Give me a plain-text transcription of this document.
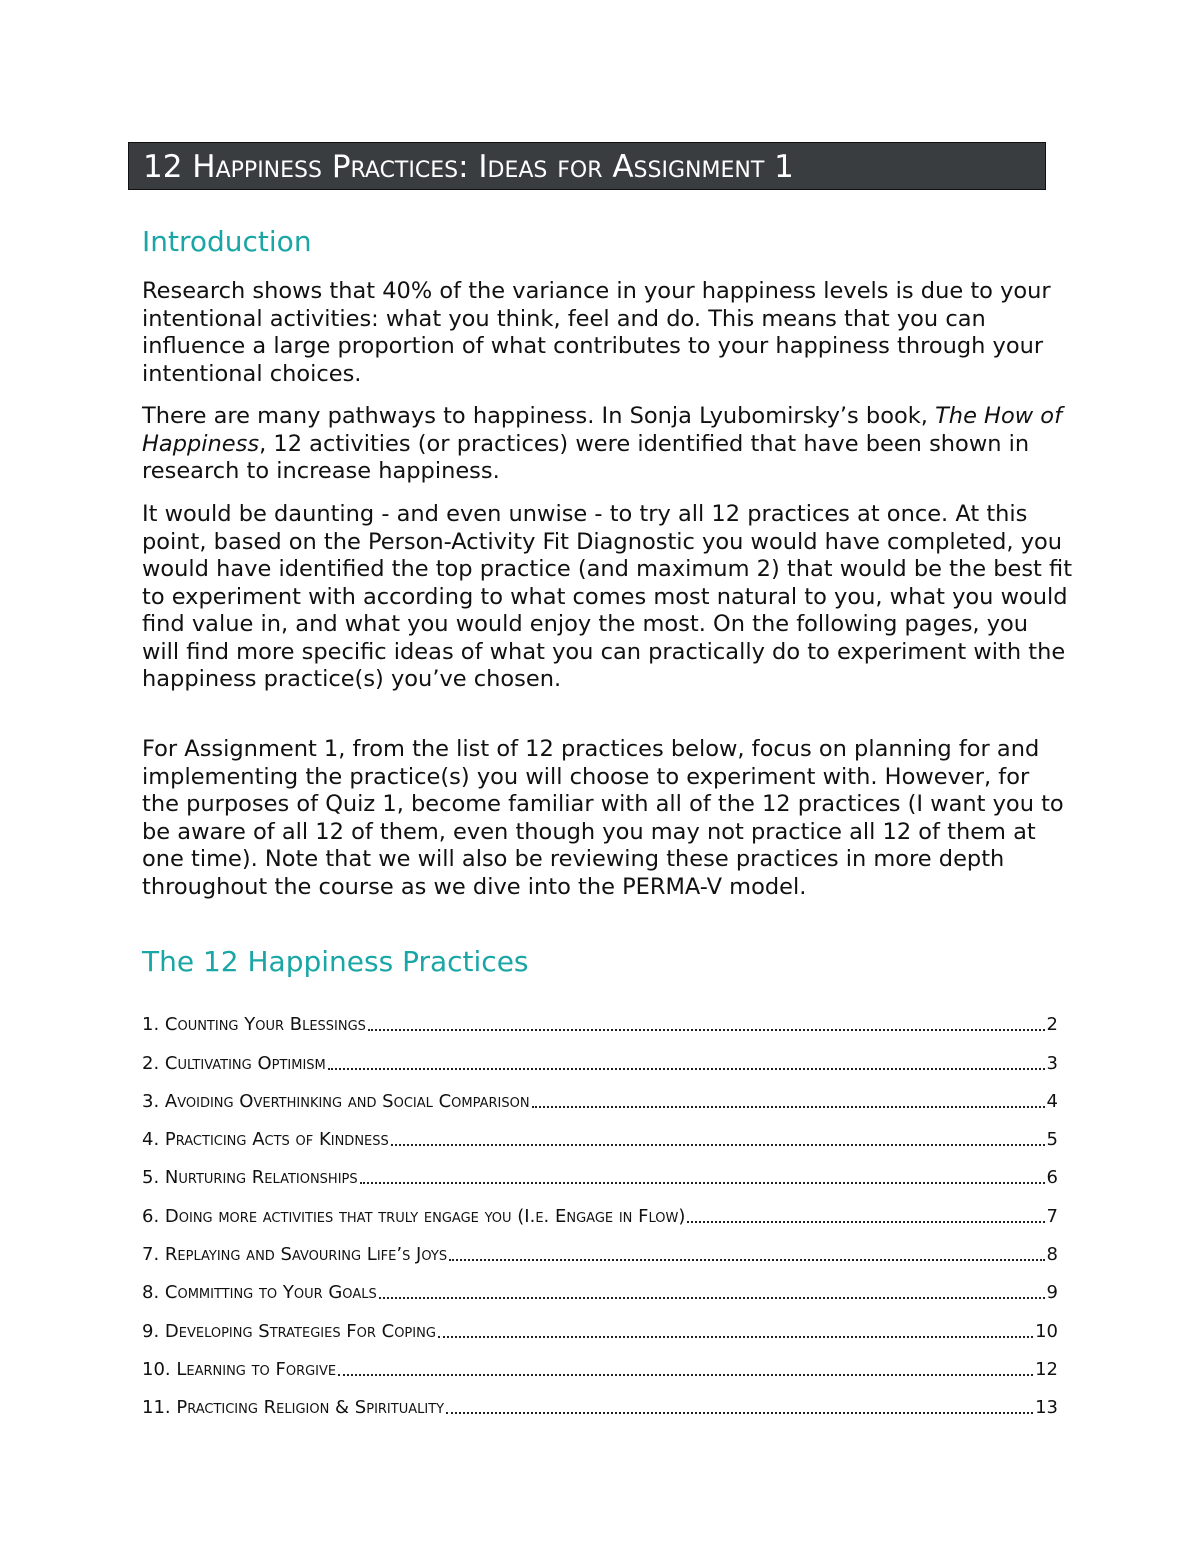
12 Happiness Practices: Ideas for Assignment 1
Introduction

Research shows that 40% of the variance in your happiness levels is due to your intentional activities: what you think, feel and do. This means that you can influence a large proportion of what contributes to your happiness through your intentional choices.

There are many pathways to happiness. In Sonja Lyubomirsky’s book, The How of Happiness, 12 activities (or practices) were identified that have been shown in research to increase happiness.

It would be daunting - and even unwise - to try all 12 practices at once. At this point, based on the Person-Activity Fit Diagnostic you would have completed, you would have identified the top practice (and maximum 2) that would be the best fit to experiment with according to what comes most natural to you, what you would find value in, and what you would enjoy the most. On the following pages, you will find more specific ideas of what you can practically do to experiment with the happiness practice(s) you’ve chosen.

For Assignment 1, from the list of 12 practices below, focus on planning for and implementing the practice(s) you will choose to experiment with. However, for the purposes of Quiz 1, become familiar with all of the 12 practices (I want you to be aware of all 12 of them, even though you may not practice all 12 of them at one time). Note that we will also be reviewing these practices in more depth throughout the course as we dive into the PERMA-V model.

The 12 Happiness Practices
1. Counting Your Blessings	2
2. Cultivating Optimism	3
3. Avoiding Overthinking and Social Comparison	4
4. Practicing Acts of Kindness	5
5. Nurturing Relationships	6
6. Doing more activities that truly engage you (I.e. Engage in Flow)	7
7. Replaying and Savouring Life’s Joys	8
8. Committing to Your Goals	9
9. Developing Strategies For Coping	10
10. Learning to Forgive	12
11. Practicing Religion & Spirituality	13
